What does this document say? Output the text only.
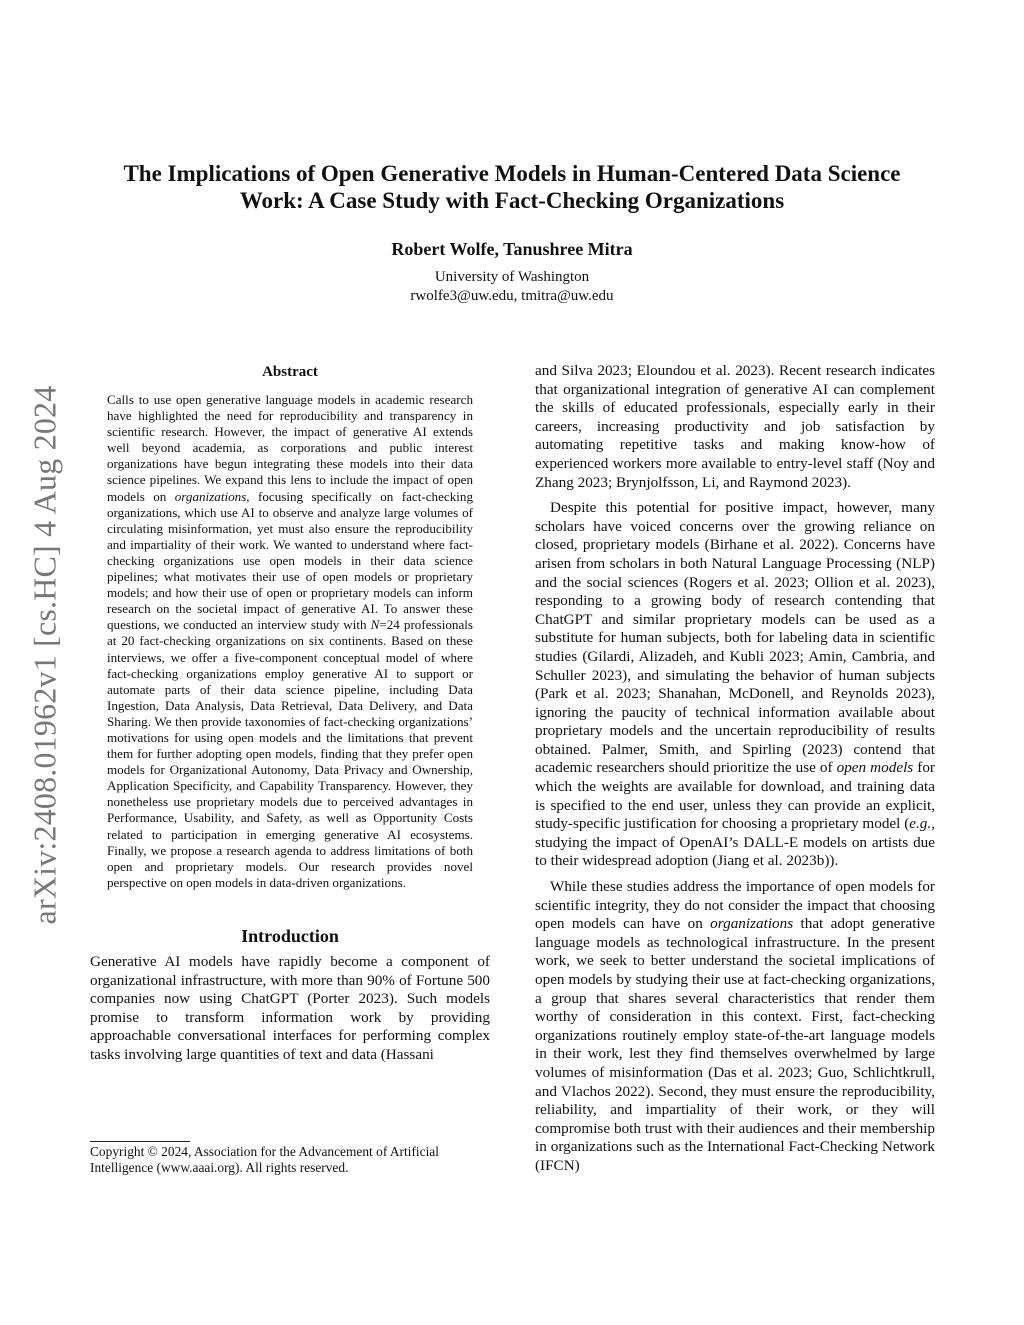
arXiv:2408.01962v1 [cs.HC] 4 Aug 2024
The Implications of Open Generative Models in Human-Centered Data Science Work: A Case Study with Fact-Checking Organizations
Robert Wolfe, Tanushree Mitra
University of Washington
rwolfe3@uw.edu, tmitra@uw.edu
Abstract

Calls to use open generative language models in academic research have highlighted the need for reproducibility and transparency in scientific research. However, the impact of generative AI extends well beyond academia, as corporations and public interest organizations have begun integrating these models into their data science pipelines. We expand this lens to include the impact of open models on organizations, focusing specifically on fact-checking organizations, which use AI to observe and analyze large volumes of circulating misinformation, yet must also ensure the reproducibility and impartiality of their work. We wanted to understand where fact-checking organizations use open models in their data science pipelines; what motivates their use of open models or proprietary models; and how their use of open or proprietary models can inform research on the societal impact of generative AI. To answer these questions, we conducted an interview study with N=24 professionals at 20 fact-checking organizations on six continents. Based on these interviews, we offer a five-component conceptual model of where fact-checking organizations employ generative AI to support or automate parts of their data science pipeline, including Data Ingestion, Data Analysis, Data Retrieval, Data Delivery, and Data Sharing. We then provide taxonomies of fact-checking organizations’ motivations for using open models and the limitations that prevent them for further adopting open models, finding that they prefer open models for Organizational Autonomy, Data Privacy and Ownership, Application Specificity, and Capability Transparency. However, they nonetheless use proprietary models due to perceived advantages in Performance, Usability, and Safety, as well as Opportunity Costs related to participation in emerging generative AI ecosystems. Finally, we propose a research agenda to address limitations of both open and proprietary models. Our research provides novel perspective on open models in data-driven organizations.

Introduction

Generative AI models have rapidly become a component of organizational infrastructure, with more than 90% of Fortune 500 companies now using ChatGPT (Porter 2023). Such models promise to transform information work by providing approachable conversational interfaces for performing complex tasks involving large quantities of text and data (Hassani

Copyright © 2024, Association for the Advancement of Artificial Intelligence (www.aaai.org). All rights reserved.

and Silva 2023; Eloundou et al. 2023). Recent research indicates that organizational integration of generative AI can complement the skills of educated professionals, especially early in their careers, increasing productivity and job satisfaction by automating repetitive tasks and making know-how of experienced workers more available to entry-level staff (Noy and Zhang 2023; Brynjolfsson, Li, and Raymond 2023).

Despite this potential for positive impact, however, many scholars have voiced concerns over the growing reliance on closed, proprietary models (Birhane et al. 2022). Concerns have arisen from scholars in both Natural Language Processing (NLP) and the social sciences (Rogers et al. 2023; Ollion et al. 2023), responding to a growing body of research contending that ChatGPT and similar proprietary models can be used as a substitute for human subjects, both for labeling data in scientific studies (Gilardi, Alizadeh, and Kubli 2023; Amin, Cambria, and Schuller 2023), and simulating the behavior of human subjects (Park et al. 2023; Shanahan, McDonell, and Reynolds 2023), ignoring the paucity of technical information available about proprietary models and the uncertain reproducibility of results obtained. Palmer, Smith, and Spirling (2023) contend that academic researchers should prioritize the use of open models for which the weights are available for download, and training data is specified to the end user, unless they can provide an explicit, study-specific justification for choosing a proprietary model (e.g., studying the impact of OpenAI’s DALL-E models on artists due to their widespread adoption (Jiang et al. 2023b)).

While these studies address the importance of open models for scientific integrity, they do not consider the impact that choosing open models can have on organizations that adopt generative language models as technological infrastructure. In the present work, we seek to better understand the societal implications of open models by studying their use at fact-checking organizations, a group that shares several characteristics that render them worthy of consideration in this context. First, fact-checking organizations routinely employ state-of-the-art language models in their work, lest they find themselves overwhelmed by large volumes of misinformation (Das et al. 2023; Guo, Schlichtkrull, and Vlachos 2022). Second, they must ensure the reproducibility, reliability, and impartiality of their work, or they will compromise both trust with their audiences and their membership in organizations such as the International Fact-Checking Network (IFCN)
